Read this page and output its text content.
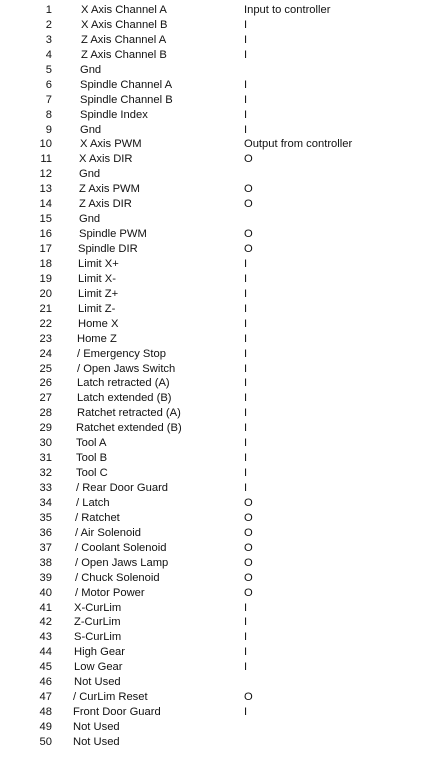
1	X Axis Channel A	Input to controller
2	X Axis Channel B	I
3	Z Axis Channel A	I
4	Z Axis Channel B	I
5	Gnd
6	Spindle Channel A	I
7	Spindle Channel B	I
8	Spindle Index	I
9	Gnd	I
10	X Axis PWM	Output from controller
11 X Axis DIR	O
12 Gnd
13 Z Axis PWM	O
14 Z Axis DIR	O
15 Gnd
16 Spindle PWM	O
17 Spindle DIR	O
18 Limit X+	I
19 Limit X-	I
20 Limit Z+	I
21 Limit Z-	I
22 Home X	I
23 Home Z	I
24 / Emergency Stop	I
25 / Open Jaws Switch	I
26 Latch retracted (A)	I
27 Latch extended (B)	I
28 Ratchet retracted (A)	I
29 Ratchet extended (B)	I
30 Tool A	I
31 Tool B	I
32 Tool C	I
33 / Rear Door Guard	I
34 / Latch	O
35 / Ratchet	O
36 / Air Solenoid	O
37 / Coolant Solenoid	O
38 / Open Jaws Lamp	O
39 / Chuck Solenoid	O
40 / Motor Power	O
41 X-CurLim	I
42 Z-CurLim	I
43 S-CurLim	I
44 High Gear	I
45 Low Gear	I
46 Not Used
47 / CurLim Reset	O
48 Front Door Guard	I
49 Not Used
50 Not Used
